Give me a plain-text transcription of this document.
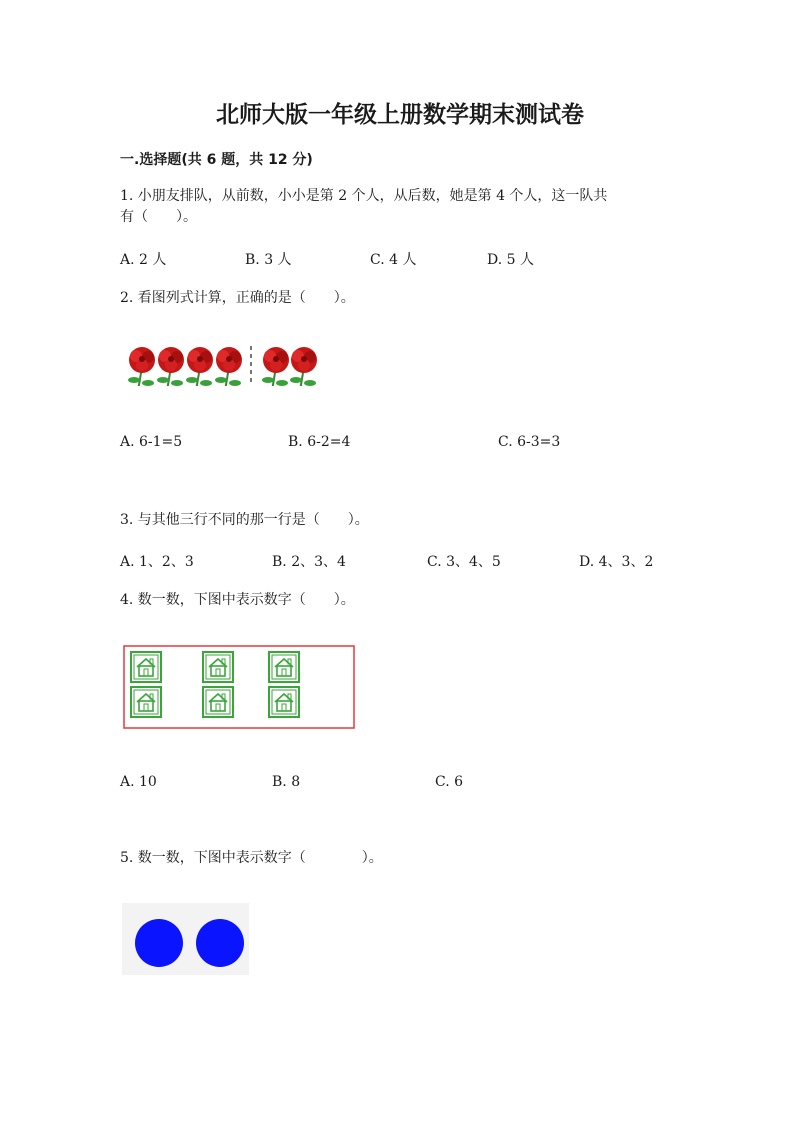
北师大版一年级上册数学期末测试卷
一.选择题(共 6 题，共 12 分)
1. 小朋友排队，从前数，小小是第 2 个人，从后数，她是第 4 个人，这一队共
有（　　）。
A. 2 人	B. 3 人	C. 4 人	D. 5 人
2. 看图列式计算，正确的是（　　）。
A. 6-1=5	B. 6-2=4	C. 6-3=3
3. 与其他三行不同的那一行是（　　）。
A. 1、2、3	B. 2、3、4	C. 3、4、5	D. 4、3、2
4. 数一数，下图中表示数字（　　）。
A. 10	B. 8	C. 6
5. 数一数，下图中表示数字（　　　　）。
